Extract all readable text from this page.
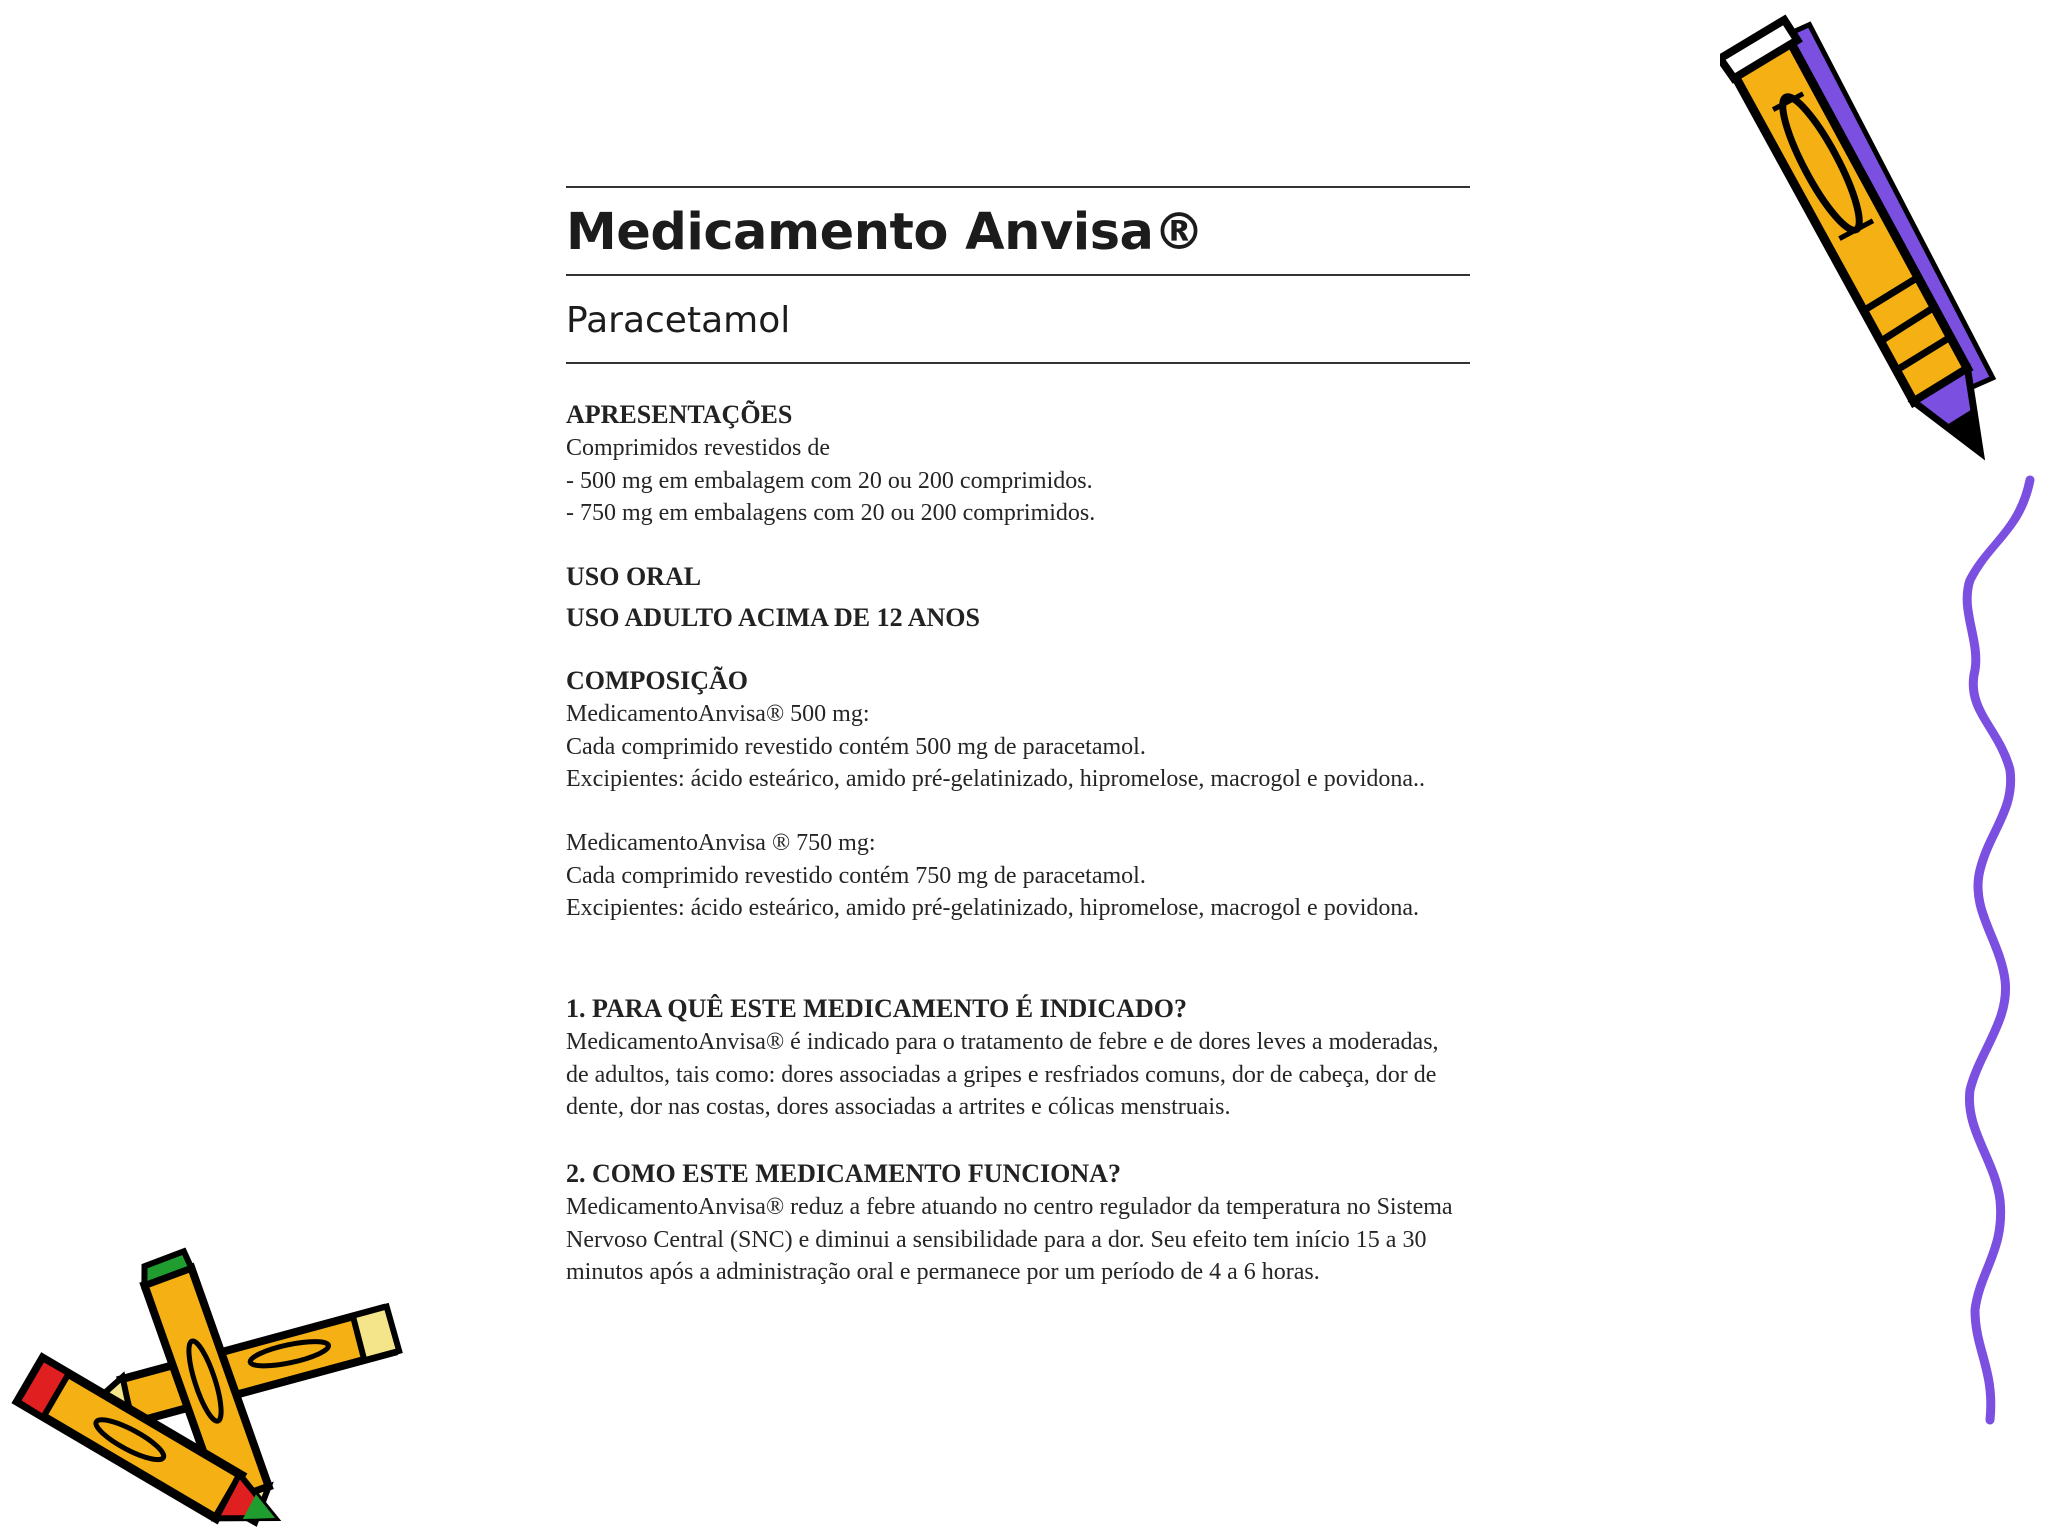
Medicamento Anvisa®
Paracetamol
APRESENTAÇÕES
Comprimidos revestidos de
- 500 mg em embalagem com 20 ou 200 comprimidos.
- 750 mg em embalagens com 20 ou 200 comprimidos.
USO ORAL
USO ADULTO ACIMA DE 12 ANOS
COMPOSIÇÃO
MedicamentoAnvisa® 500 mg:
Cada comprimido revestido contém 500 mg de paracetamol.
Excipientes: ácido esteárico, amido pré-gelatinizado, hipromelose, macrogol e povidona..
MedicamentoAnvisa ® 750 mg:
Cada comprimido revestido contém 750 mg de paracetamol.
Excipientes: ácido esteárico, amido pré-gelatinizado, hipromelose, macrogol e povidona.
1. PARA QUÊ ESTE MEDICAMENTO É INDICADO?
MedicamentoAnvisa® é indicado para o tratamento de febre e de dores leves a moderadas,
de adultos, tais como: dores associadas a gripes e resfriados comuns, dor de cabeça, dor de
dente, dor nas costas, dores associadas a artrites e cólicas menstruais.
2. COMO ESTE MEDICAMENTO FUNCIONA?
MedicamentoAnvisa® reduz a febre atuando no centro regulador da temperatura no Sistema
Nervoso Central (SNC) e diminui a sensibilidade para a dor. Seu efeito tem início 15 a 30
minutos após a administração oral e permanece por um período de 4 a 6 horas.
